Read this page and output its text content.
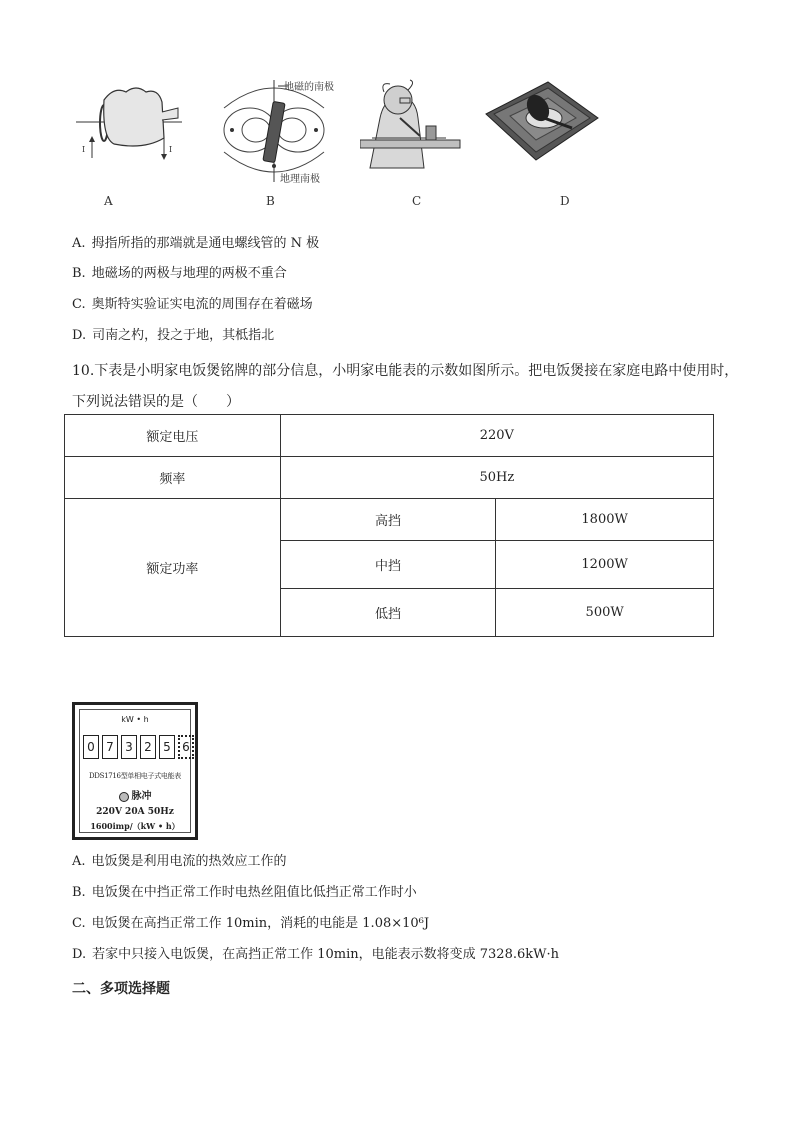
I	I
A
地磁的南极
地理南极
B	C	D
A. 拇指所指的那端就是通电螺线管的 N 极
B. 地磁场的两极与地理的两极不重合
C. 奥斯特实验证实电流的周围存在着磁场
D. 司南之杓，投之于地，其柢指北
10.下表是小明家电饭煲铭牌的部分信息，小明家电能表的示数如图所示。把电饭煲接在家庭电路中使用时，
下列说法错误的是（　　）
额定电压	220V	
频率	50Hz	
额定功率	高挡	1800W
	中挡	1200W
	低挡	500W
kW • h
0 7 3 2 5 6
DDS1716型单相电子式电能表
脉冲
220V 20A 50Hz
1600imp/（kW • h）
A. 电饭煲是利用电流的热效应工作的
B. 电饭煲在中挡正常工作时电热丝阻值比低挡正常工作时小
C. 电饭煲在高挡正常工作 10min，消耗的电能是 1.08×10⁶J
D. 若家中只接入电饭煲，在高挡正常工作 10min，电能表示数将变成 7328.6kW·h
二、多项选择题
